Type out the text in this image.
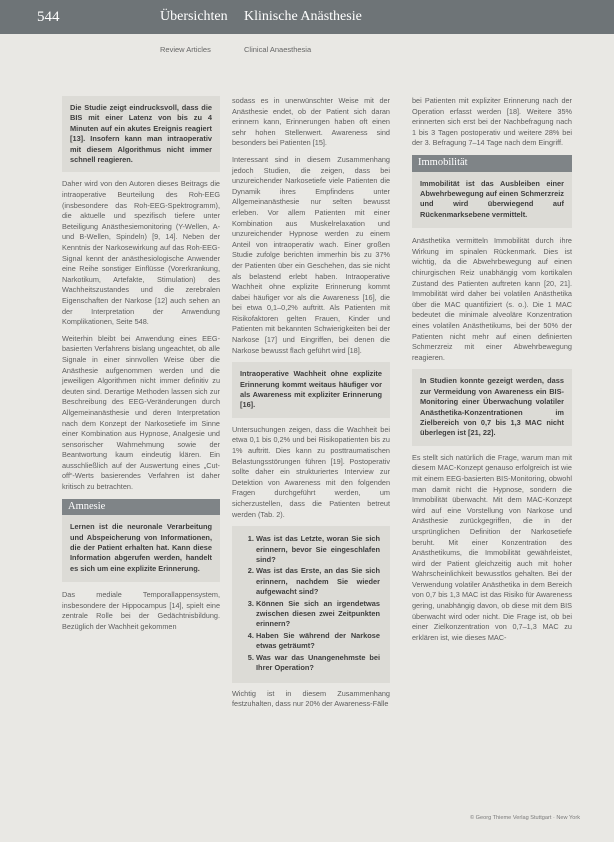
544	Übersichten Klinische Anästhesie
Review Articles	Clinical Anaesthesia
Die Studie zeigt eindrucksvoll, dass die BIS mit einer Latenz von bis zu 4 Minuten auf ein akutes Ereignis reagiert [13]. Insofern kann man intraoperativ mit diesem Algorithmus nicht immer schnell reagieren.

Daher wird von den Autoren dieses Beitrags die intraoperative Beurteilung des Roh-EEG (insbesondere das Roh-EEG-Spektrogramm), die aktuelle und spezifisch tiefere unter Beteiligung Anästhesiemonitoring (Y-Wellen, A- und B-Wellen, Spindeln) [9, 14]. Neben der Kenntnis der Narkosewirkung auf das Roh-EEG-Signal kennt der anästhesiologische Anwender eine Reihe sonstiger Einflüsse (Vorerkrankung, Narkotikum, Artefakte, Stimulation) des Wachheitszustandes und die zerebralen Eigenschaften der Narkose [12] auch sehen an der Interpretation der Anwendung Komplikationen, Seite 548.

Weiterhin bleibt bei Anwendung eines EEG-basierten Verfahrens bislang ungeachtet, ob alle Signale in einer sinnvollen Weise über die Anästhesie aufgenommen werden und die jeweiligen Algorithmen nicht immer definitiv zu deuten sind. Derartige Methoden lassen sich zur Beschreibung des EEG-Veränderungen durch Allgemeinanästhesie und deren Interpretation nach dem Konzept der Narkosetiefe im Sinne einer Kombination aus Hypnose, Analgesie und sensorischer Wahrnehmung sowie der Beantwortung kaum eindeutig klären. Ein ausschließlich auf der Auswertung eines „Cut-off“-Werts basierendes Verfahren ist daher kritisch zu betrachten.

Amnesie
Lernen ist die neuronale Verarbeitung und Abspeicherung von Informationen, die der Patient erhalten hat. Kann diese Information abgerufen werden, handelt es sich um eine explizite Erinnerung.

Das mediale Temporallappensystem, insbesondere der Hippocampus [14], spielt eine zentrale Rolle bei der Gedächtnisbildung. Bezüglich der Wachheit gekommen

sodass es in unerwünschter Weise mit der Anästhesie endet, ob der Patient sich daran erinnern kann, Erinnerungen haben oft einen sehr hohen Stellenwert. Awareness sind besonders bei Patienten [15].

Interessant sind in diesem Zusammenhang jedoch Studien, die zeigen, dass bei unzureichender Narkosetiefe viele Patienten die Dynamik ihres Empfindens unter Allgemeinanästhesie nur selten bewusst erleben. Vor allem Patienten mit einer Kombination aus Muskelrelaxation und unzureichender Hypnose werden zu einem Anteil von intraoperativ wach. Einer großen Studie zufolge berichten immerhin bis zu 37% der Patienten über ein Geschehen, das sie nicht als belastend erlebt haben. Intraoperative Wachheit ohne explizite Erinnerung kommt dabei häufiger vor als die Awareness [16], die bei etwa 0,1–0,2% auftritt. Als Patienten mit Risikofaktoren gelten Frauen, Kinder und Patienten mit bekannten Schwierigkeiten bei der Narkose [17] und Eingriffen, bei denen die Narkose bewusst flach geführt wird [18].

Intraoperative Wachheit ohne explizite Erinnerung kommt weitaus häufiger vor als Awareness mit expliziter Erinnerung [16].

Untersuchungen zeigen, dass die Wachheit bei etwa 0,1 bis 0,2% und bei Risikopatienten bis zu 1% auftritt. Dies kann zu posttraumatischen Belastungsstörungen führen [19]. Postoperativ sollte daher ein strukturiertes Interview zur Detektion von Awareness mit den folgenden Fragen durchgeführt werden, um sicherzustellen, dass die Patienten betreut werden (Tab. 2).

1. Was ist das Letzte, woran Sie sich erinnern, bevor Sie eingeschlafen sind?
2. Was ist das Erste, an das Sie sich erinnern, nachdem Sie wieder aufgewacht sind?
3. Können Sie sich an irgendetwas zwischen diesen zwei Zeitpunkten erinnern?
4. Haben Sie während der Narkose etwas geträumt?
5. Was war das Unangenehmste bei Ihrer Operation?

Wichtig ist in diesem Zusammenhang festzuhalten, dass nur 20% der Awareness-Fälle

bei Patienten mit expliziter Erinnerung nach der Operation erfasst werden [18]. Weitere 35% erinnerten sich erst bei der Nachbefragung nach 1 bis 3 Tagen postoperativ und weitere 28% bei der 3. Befragung 7–14 Tage nach dem Eingriff.

Immobilität
Immobilität ist das Ausbleiben einer Abwehrbewegung auf einen Schmerzreiz und wird überwiegend auf Rückenmarksebene vermittelt.

Anästhetika vermitteln Immobilität durch ihre Wirkung im spinalen Rückenmark. Dies ist wichtig, da die Abwehrbewegung auf einen chirurgischen Reiz unabhängig vom kortikalen Zustand des Patienten auftreten kann [20, 21]. Immobilität wird daher bei volatilen Anästhetika über die MAC quantifiziert (s. o.). Die 1 MAC bedeutet die minimale alveoläre Konzentration eines volatilen Anästhetikums, bei der 50% der Patienten nicht mehr auf einen definierten Schmerzreiz mit einer Abwehrbewegung reagieren.

In Studien konnte gezeigt werden, dass zur Vermeidung von Awareness ein BIS-Monitoring einer Überwachung volatiler Anästhetika-Konzentrationen im Zielbereich von 0,7 bis 1,3 MAC nicht überlegen ist [21, 22].

Es stellt sich natürlich die Frage, warum man mit diesem MAC-Konzept genauso erfolgreich ist wie mit einem EEG-basierten BIS-Monitoring, obwohl man damit nicht die Hypnose, sondern die Immobilität überwacht. Mit dem MAC-Konzept wird auf eine Vorstellung von Narkose und Anästhesie zurückgegriffen, die in der ursprünglichen Definition der Narkosetiefe beruht. Mit einer Konzentration des Anästhetikums, die Immobilität gewährleistet, wird der Patient gleichzeitig auch mit hoher Wahrscheinlichkeit bewusstlos gehalten. Bei der Verwendung volatiler Anästhetika in dem Bereich von 0,7 bis 1,3 MAC ist das Risiko für Awareness gering, unabhängig davon, ob diese mit dem BIS überwacht wird oder nicht. Die Frage ist, ob bei einer Zielkonzentration von 0,7–1,3 MAC zu erklären ist, wie dieses MAC-

© Georg Thieme Verlag Stuttgart · New York
